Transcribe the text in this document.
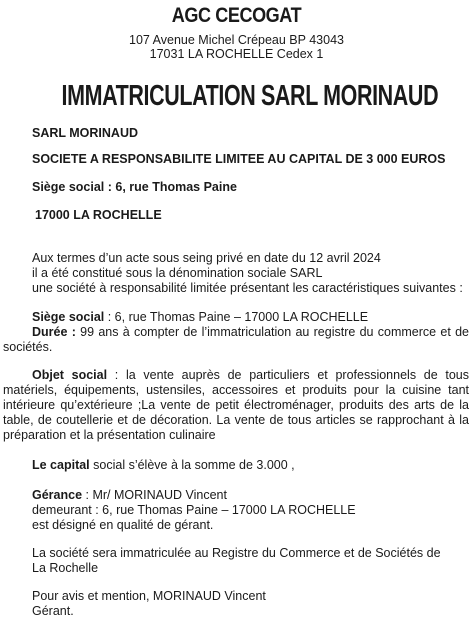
AGC CECOGAT
107 Avenue Michel Crépeau BP 43043
17031 LA ROCHELLE Cedex 1
IMMATRICULATION SARL MORINAUD
SARL MORINAUD
SOCIETE A RESPONSABILITE LIMITEE AU CAPITAL DE 3 000 EUROS
Siège social : 6, rue Thomas Paine
17000 LA ROCHELLE
Aux termes d’un acte sous seing privé en date du 12 avril 2024
il a été constitué sous la dénomination sociale SARL
une société à responsabilité limitée présentant les caractéristiques suivantes :
Siège social : 6, rue Thomas Paine – 17000 LA ROCHELLE
Durée : 99 ans à compter de l’immatriculation au registre du commerce et de sociétés.
Objet social : la vente auprès de particuliers et professionnels de tous matériels, équipements, ustensiles, accessoires et produits pour la cuisine tant intérieure qu’extérieure ;La vente de petit électroménager, produits des arts de la table, de coutellerie et de décoration. La vente de tous articles se rapprochant à la préparation et la présentation culinaire
Le capital social s’élève à la somme de 3.000 ,
Gérance : Mr/ MORINAUD Vincent
demeurant : 6, rue Thomas Paine – 17000 LA ROCHELLE
est désigné en qualité de gérant.
La société sera immatriculée au Registre du Commerce et de Sociétés de
La Rochelle
Pour avis et mention, MORINAUD Vincent
Gérant.
